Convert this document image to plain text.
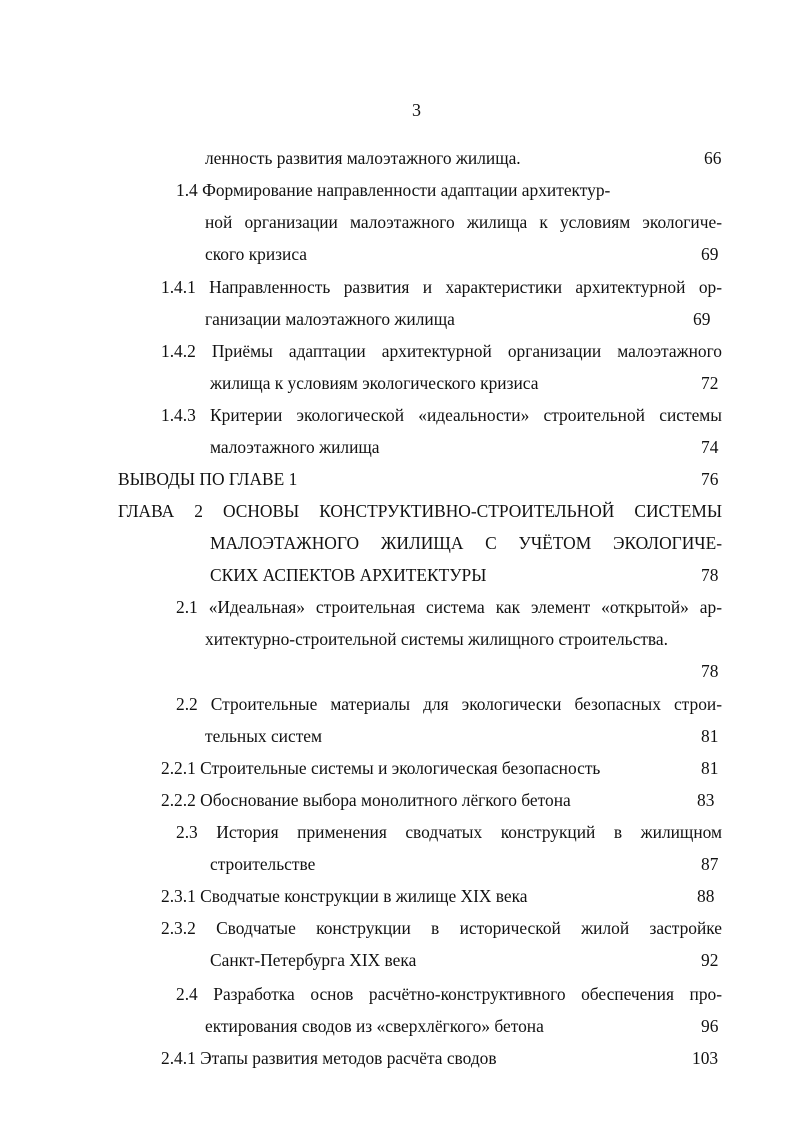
3
ленность развития малоэтажного жилища.	66
1.4 Формирование направленности адаптации архитектур-
ной организации малоэтажного жилища к условиям экологиче-
ского кризиса	69
1.4.1 Направленность развития и характеристики архитектурной ор-
ганизации малоэтажного жилища	69
1.4.2 Приёмы адаптации архитектурной организации малоэтажного
жилища к условиям экологического кризиса	72
1.4.3 Критерии экологической «идеальности» строительной системы
малоэтажного жилища	74
ВЫВОДЫ ПО ГЛАВЕ 1	76
ГЛАВА 2 ОСНОВЫ КОНСТРУКТИВНО-СТРОИТЕЛЬНОЙ СИСТЕМЫ
МАЛОЭТАЖНОГО ЖИЛИЩА С УЧЁТОМ ЭКОЛОГИЧЕ-
СКИХ АСПЕКТОВ АРХИТЕКТУРЫ	78
2.1 «Идеальная» строительная система как элемент «открытой» ар-
хитектурно-строительной системы жилищного строительства.
78
2.2 Строительные материалы для экологически безопасных строи-
тельных систем	81
2.2.1 Строительные системы и экологическая безопасность	81
2.2.2 Обоснование выбора монолитного лёгкого бетона	83
2.3 История применения сводчатых конструкций в жилищном
строительстве	87
2.3.1 Сводчатые конструкции в жилище XIX века	88
2.3.2 Сводчатые конструкции в исторической жилой застройке
Санкт-Петербурга XIX века	92
2.4 Разработка основ расчётно-конструктивного обеспечения про-
ектирования сводов из «сверхлёгкого» бетона	96
2.4.1 Этапы развития методов расчёта сводов	103
